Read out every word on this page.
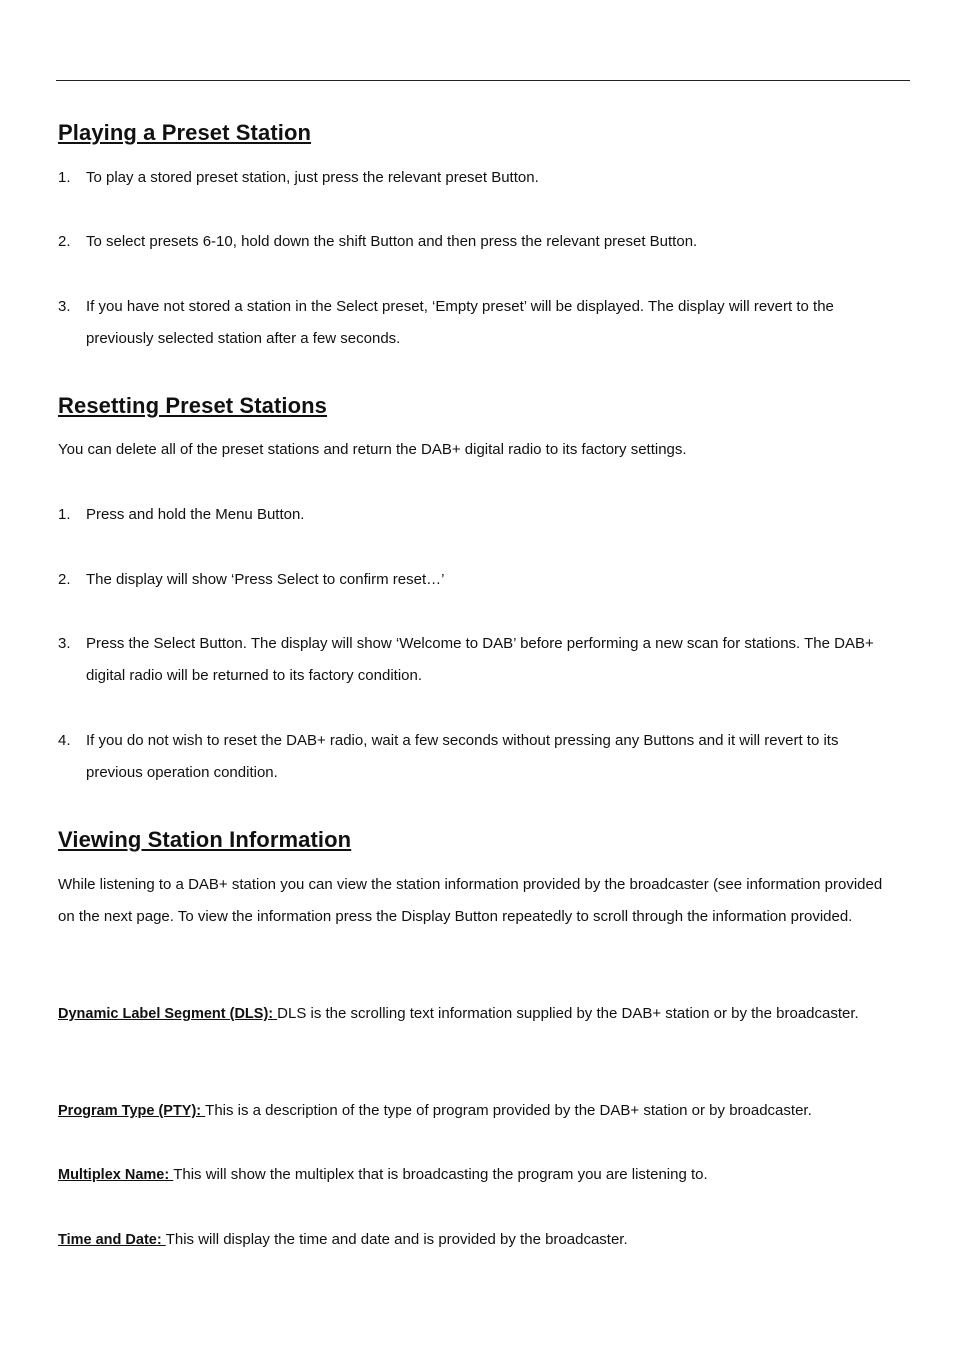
Playing a Preset Station
1. To play a stored preset station, just press the relevant preset Button.
2. To select presets 6-10, hold down the shift Button and then press the relevant preset Button.
3. If you have not stored a station in the Select preset, ‘Empty preset’ will be displayed. The display will revert to the previously selected station after a few seconds.
Resetting Preset Stations
You can delete all of the preset stations and return the DAB+ digital radio to its factory settings.
1. Press and hold the Menu Button.
2. The display will show ‘Press Select to confirm reset…’
3. Press the Select Button. The display will show ‘Welcome to DAB’ before performing a new scan for stations. The DAB+ digital radio will be returned to its factory condition.
4. If you do not wish to reset the DAB+ radio, wait a few seconds without pressing any Buttons and it will revert to its previous operation condition.
Viewing Station Information
While listening to a DAB+ station you can view the station information provided by the broadcaster (see information provided on the next page. To view the information press the Display Button repeatedly to scroll through the information provided.
Dynamic Label Segment (DLS): DLS is the scrolling text information supplied by the DAB+ station or by the broadcaster.
Program Type (PTY): This is a description of the type of program provided by the DAB+ station or by broadcaster.
Multiplex Name: This will show the multiplex that is broadcasting the program you are listening to.
Time and Date: This will display the time and date and is provided by the broadcaster.
